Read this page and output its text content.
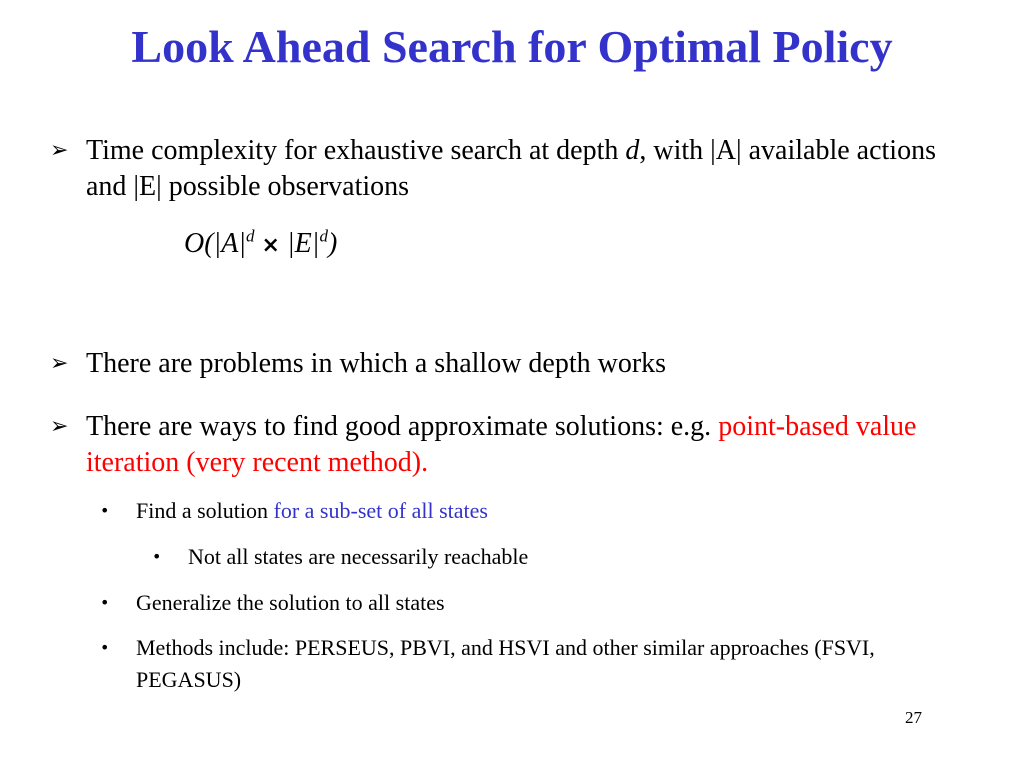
Look Ahead Search for Optimal Policy
➢ Time complexity for exhaustive search at depth d, with |A| available actions and |E| possible observations
$O(|A|^d \times |E|^d)$
➢ There are problems in which a shallow depth works
➢ There are ways to find good approximate solutions: e.g. point-based value iteration (very recent method).
• Find a solution for a sub-set of all states
• Not all states are necessarily reachable
• Generalize the solution to all states
• Methods include: PERSEUS, PBVI, and HSVI and other similar approaches (FSVI, PEGASUS)
27
